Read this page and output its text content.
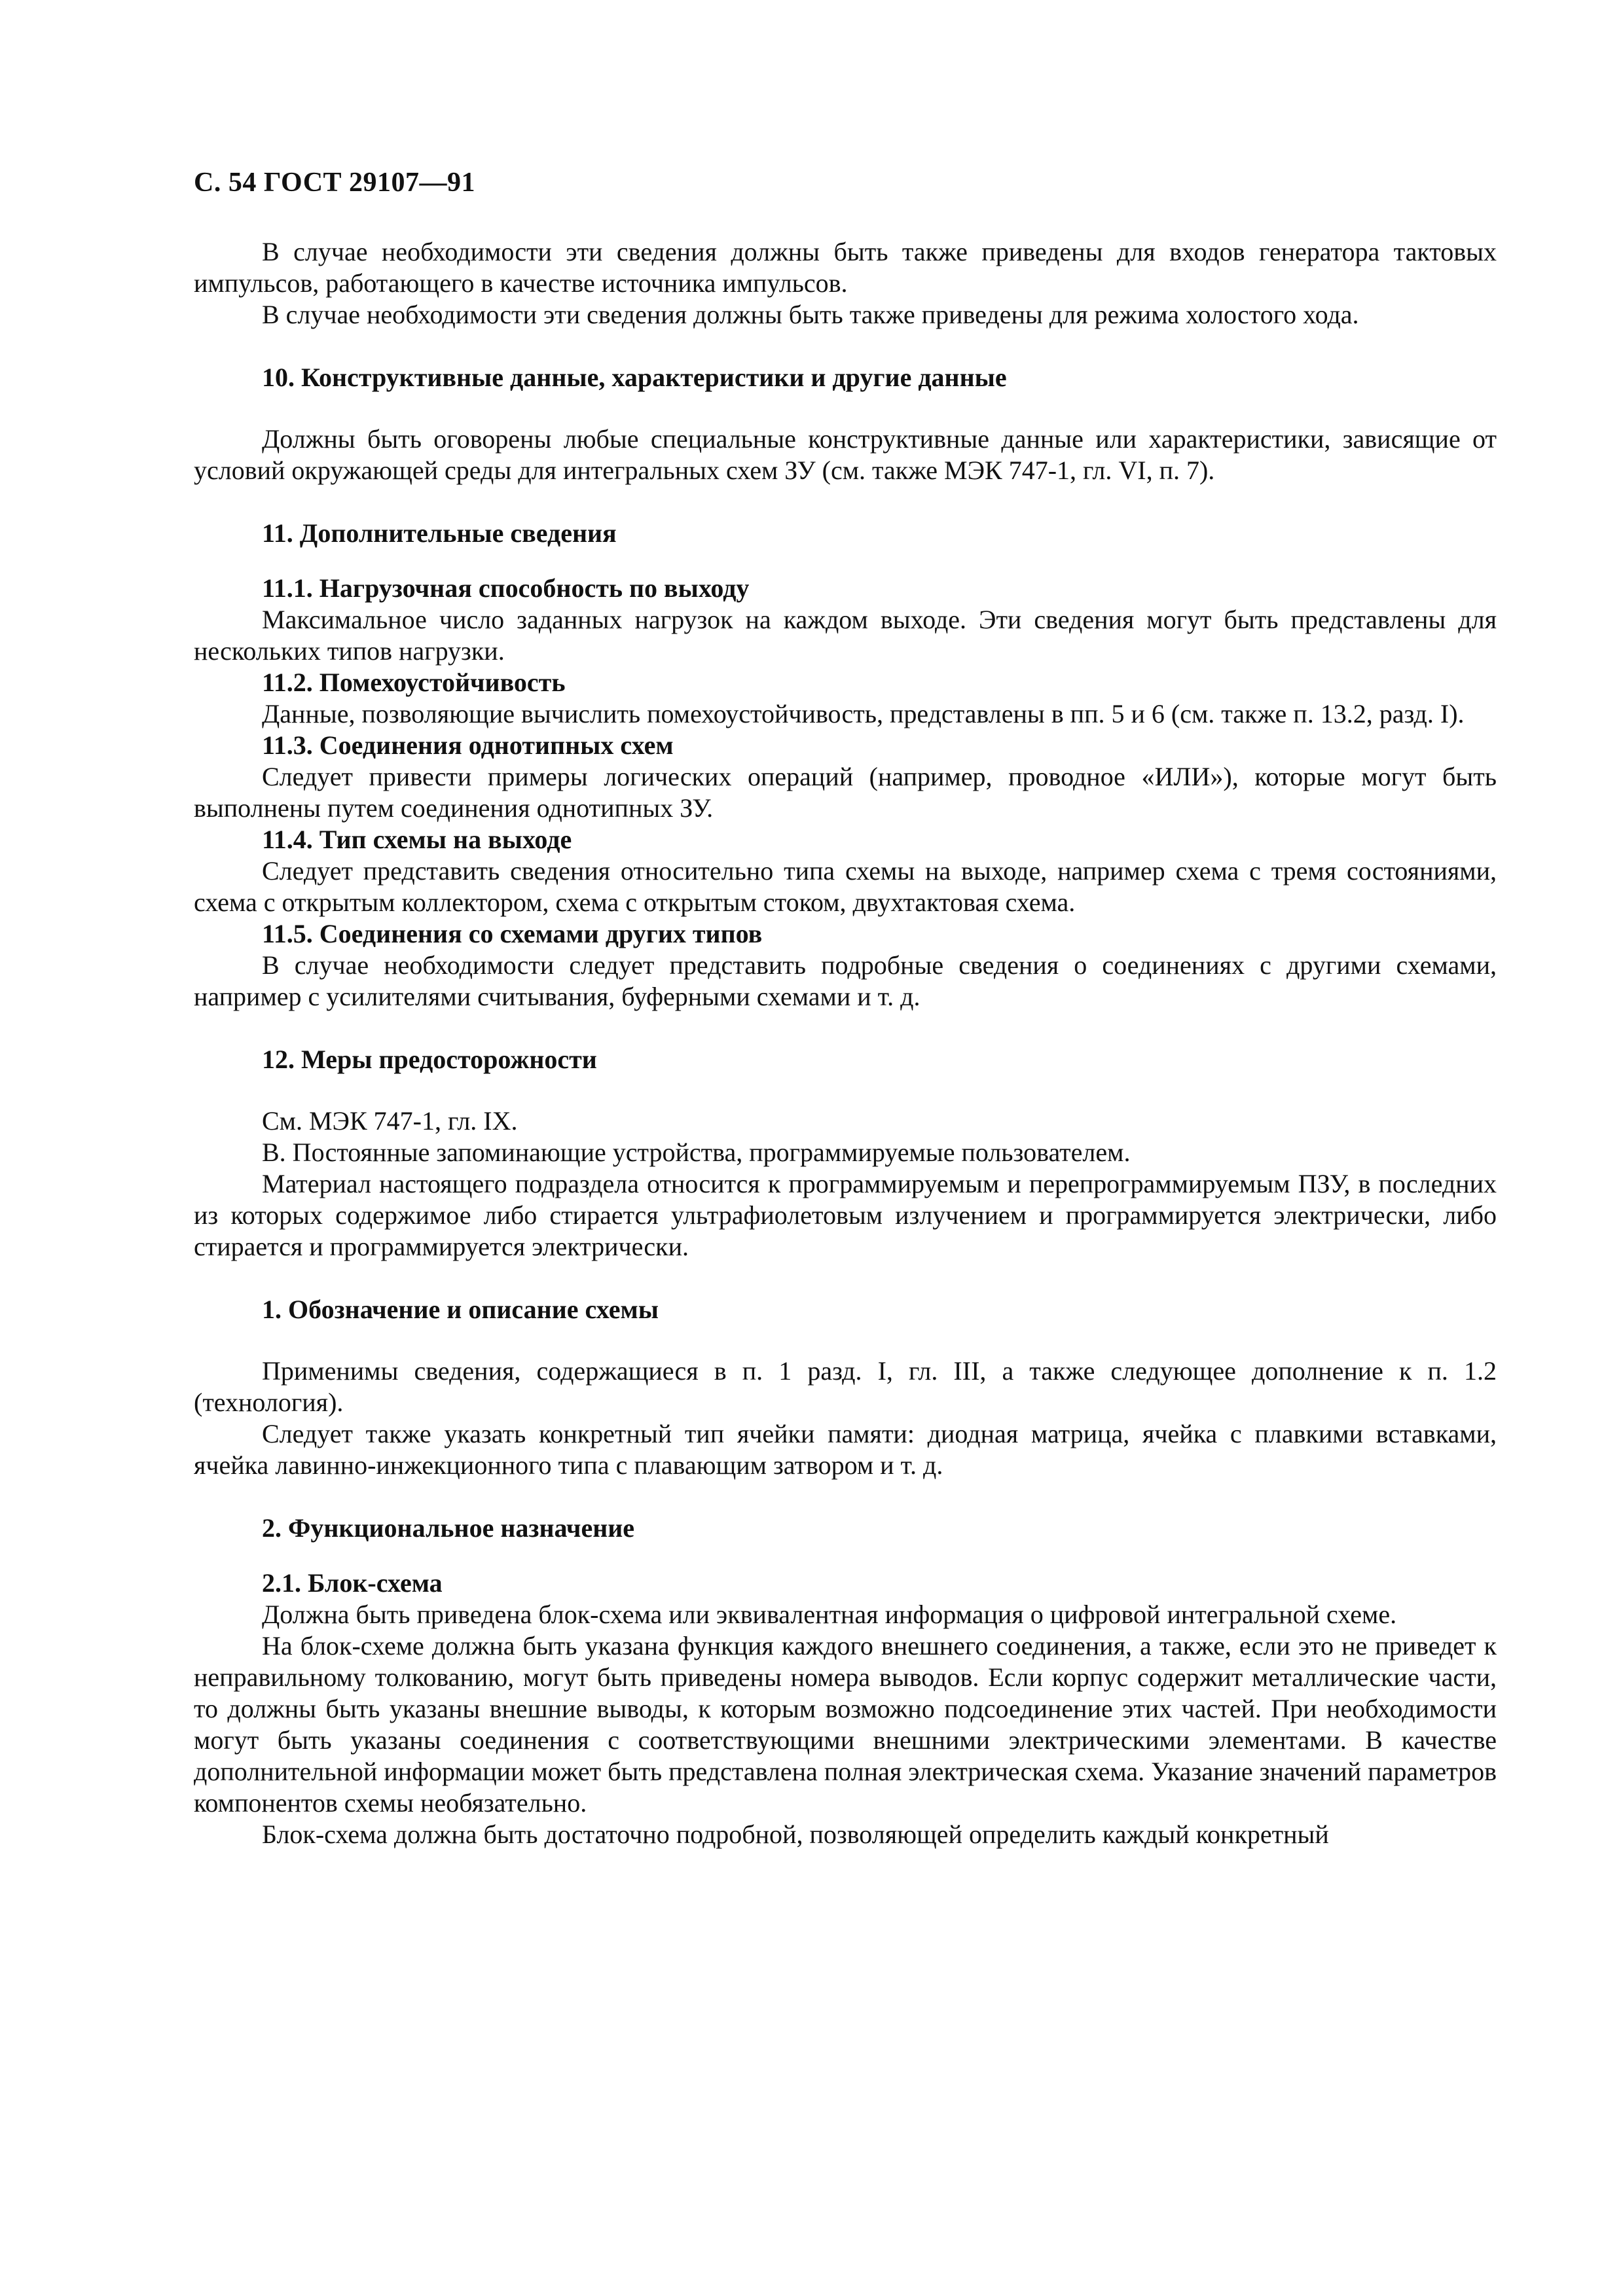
С. 54 ГОСТ 29107—91

В случае необходимости эти сведения должны быть также приведены для входов генератора тактовых импульсов, работающего в качестве источника импульсов.

В случае необходимости эти сведения должны быть также приведены для режима холостого хода.

10. Конструктивные данные, характеристики и другие данные

Должны быть оговорены любые специальные конструктивные данные или характеристики, зависящие от условий окружающей среды для интегральных схем ЗУ (см. также МЭК 747-1, гл. VI, п. 7).

11. Дополнительные сведения

11.1. Нагрузочная способность по выходу

Максимальное число заданных нагрузок на каждом выходе. Эти сведения могут быть представлены для нескольких типов нагрузки.

11.2. Помехоустойчивость

Данные, позволяющие вычислить помехоустойчивость, представлены в пп. 5 и 6 (см. также п. 13.2, разд. I).

11.3. Соединения однотипных схем

Следует привести примеры логических операций (например, проводное «ИЛИ»), которые могут быть выполнены путем соединения однотипных ЗУ.

11.4. Тип схемы на выходе

Следует представить сведения относительно типа схемы на выходе, например схема с тремя состояниями, схема с открытым коллектором, схема с открытым стоком, двухтактовая схема.

11.5. Соединения со схемами других типов

В случае необходимости следует представить подробные сведения о соединениях с другими схемами, например с усилителями считывания, буферными схемами и т. д.

12. Меры предосторожности

См. МЭК 747-1, гл. IX.

В. Постоянные запоминающие устройства, программируемые пользователем.

Материал настоящего подраздела относится к программируемым и перепрограммируемым ПЗУ, в последних из которых содержимое либо стирается ультрафиолетовым излучением и программируется электрически, либо стирается и программируется электрически.

1. Обозначение и описание схемы

Применимы сведения, содержащиеся в п. 1 разд. I, гл. III, а также следующее дополнение к п. 1.2 (технология).

Следует также указать конкретный тип ячейки памяти: диодная матрица, ячейка с плавкими вставками, ячейка лавинно-инжекционного типа с плавающим затвором и т. д.

2. Функциональное назначение

2.1. Блок-схема

Должна быть приведена блок-схема или эквивалентная информация о цифровой интегральной схеме.

На блок-схеме должна быть указана функция каждого внешнего соединения, а также, если это не приведет к неправильному толкованию, могут быть приведены номера выводов. Если корпус содержит металлические части, то должны быть указаны внешние выводы, к которым возможно подсоединение этих частей. При необходимости могут быть указаны соединения с соответствующими внешними электрическими элементами. В качестве дополнительной информации может быть представлена полная электрическая схема. Указание значений параметров компонентов схемы необязательно.

Блок-схема должна быть достаточно подробной, позволяющей определить каждый конкретный
